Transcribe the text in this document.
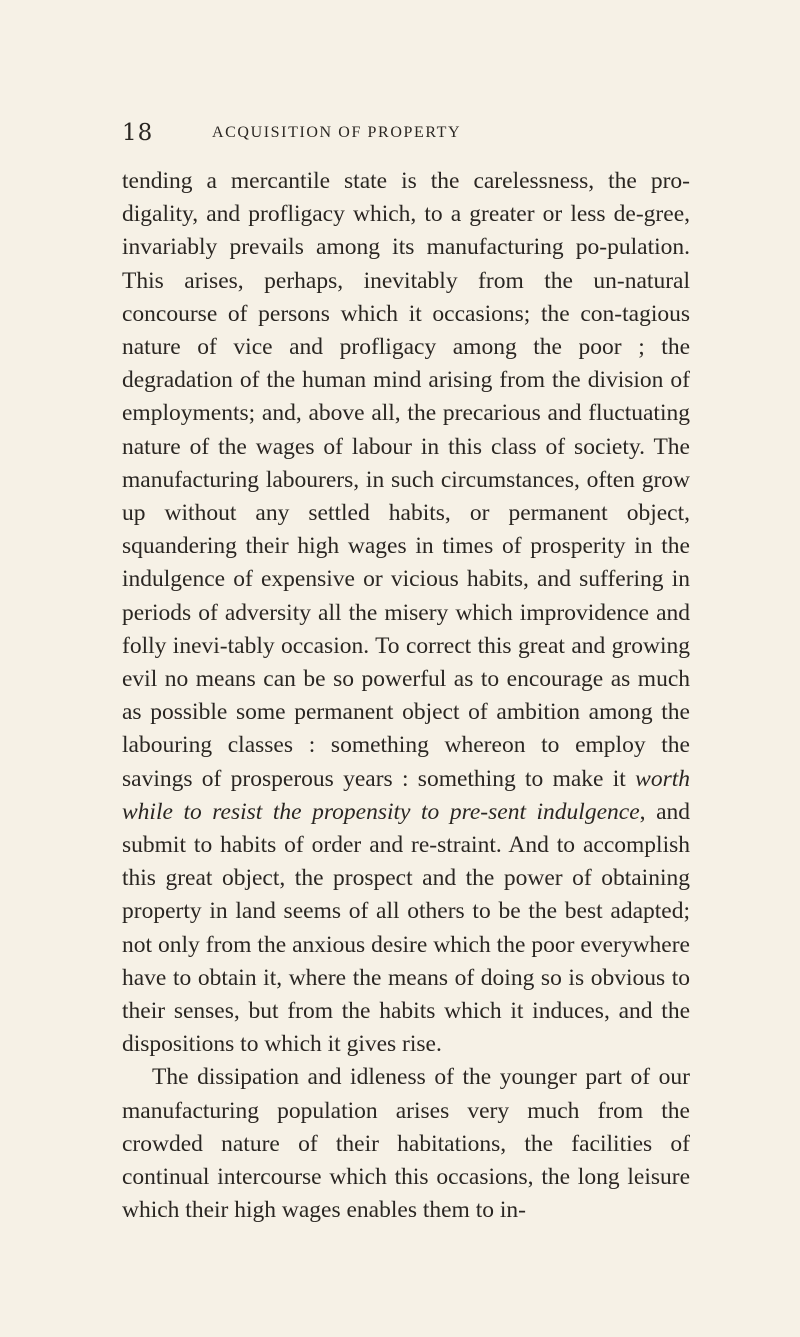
18	ACQUISITION OF PROPERTY

tending a mercantile state is the carelessness, the pro-digality, and profligacy which, to a greater or less de-gree, invariably prevails among its manufacturing po-pulation. This arises, perhaps, inevitably from the un-natural concourse of persons which it occasions; the con-tagious nature of vice and profligacy among the poor ; the degradation of the human mind arising from the division of employments; and, above all, the precarious and fluctuating nature of the wages of labour in this class of society. The manufacturing labourers, in such circumstances, often grow up without any settled habits, or permanent object, squandering their high wages in times of prosperity in the indulgence of expensive or vicious habits, and suffering in periods of adversity all the misery which improvidence and folly inevi-tably occasion. To correct this great and growing evil no means can be so powerful as to encourage as much as possible some permanent object of ambition among the labouring classes : something whereon to employ the savings of prosperous years : something to make it worth while to resist the propensity to pre-sent indulgence, and submit to habits of order and re-straint. And to accomplish this great object, the prospect and the power of obtaining property in land seems of all others to be the best adapted; not only from the anxious desire which the poor everywhere have to obtain it, where the means of doing so is obvious to their senses, but from the habits which it induces, and the dispositions to which it gives rise.

The dissipation and idleness of the younger part of our manufacturing population arises very much from the crowded nature of their habitations, the facilities of continual intercourse which this occasions, the long leisure which their high wages enables them to in-
